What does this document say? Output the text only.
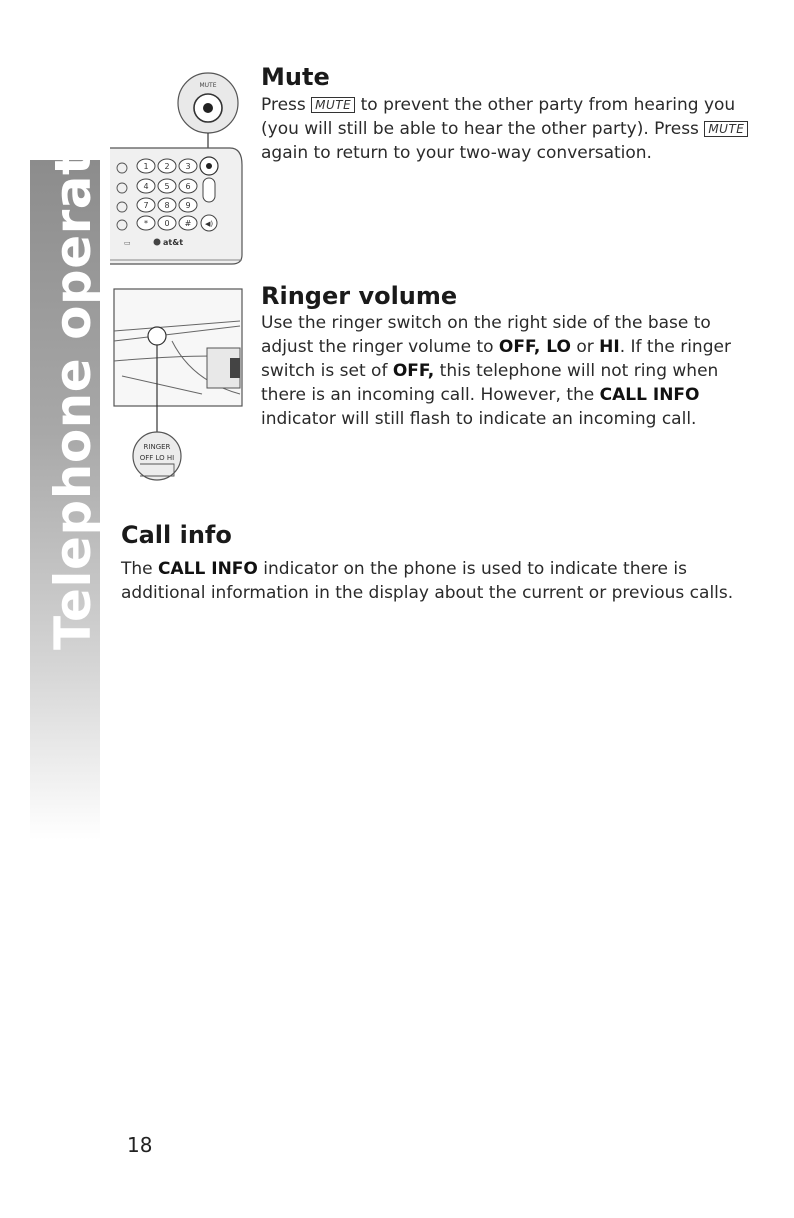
Telephone operation	MUTE
1 2 3
4 5 6
7 8 9
* 0 # ◀)
at&t
▭
Mute

Press MUTE to prevent the other party from hearing you (you will still be able to hear the other party). Press MUTE again to return to your two-way conversation.

RINGER
OFF LO HI
Ringer volume

Use the ringer switch on the right side of the base to adjust the ringer volume to OFF, LO or HI. If the ringer switch is set of OFF, this telephone will not ring when there is an incoming call. However, the CALL INFO indicator will still flash to indicate an incoming call.

Call info

The CALL INFO indicator on the phone is used to indicate there is additional information in the display about the current or previous calls.

18
